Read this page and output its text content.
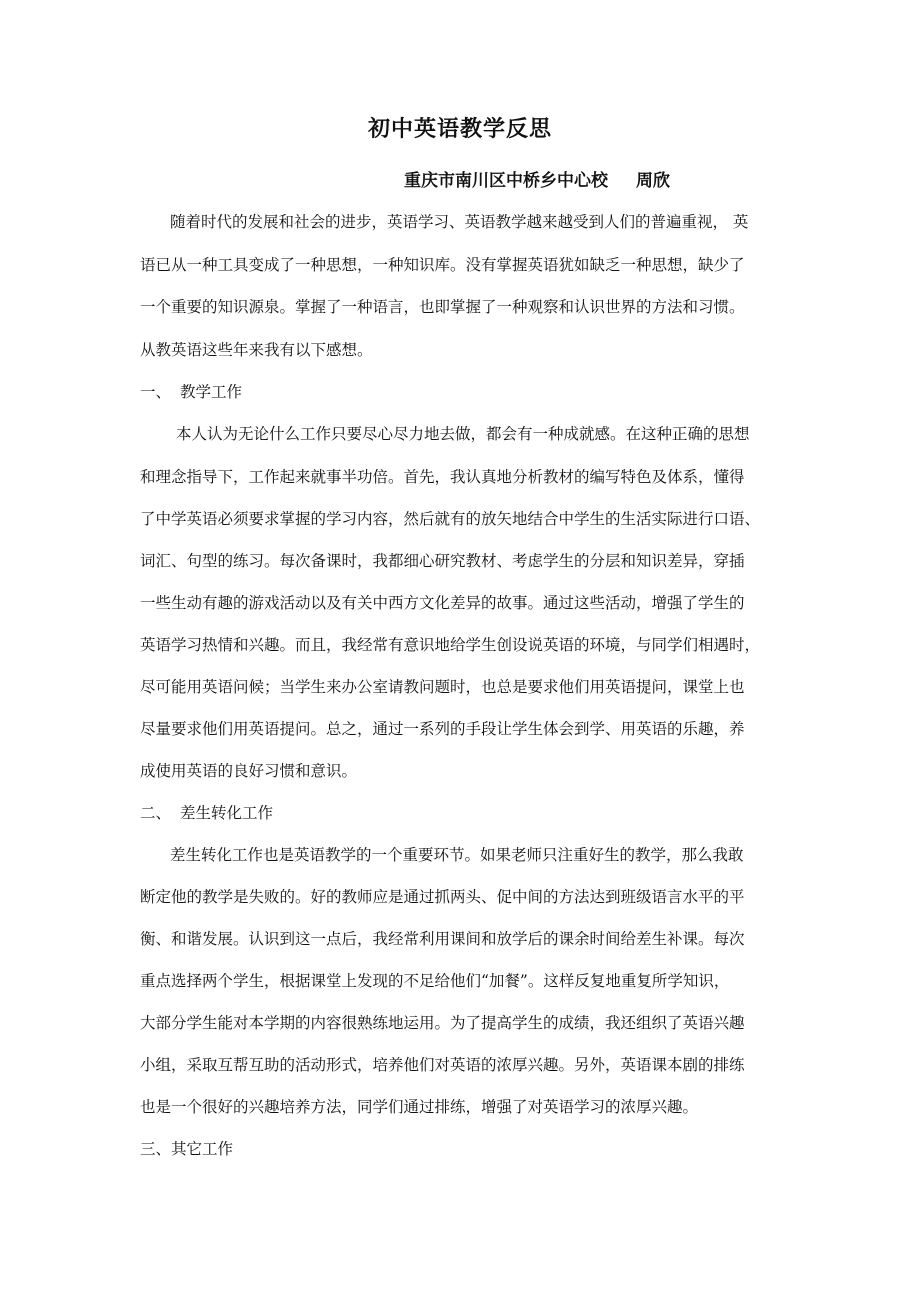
初中英语教学反思
重庆市南川区中桥乡中心校 周欣
随着时代的发展和社会的进步，英语学习、英语教学越来越受到人们的普遍重视， 英
语已从一种工具变成了一种思想，一种知识库。没有掌握英语犹如缺乏一种思想，缺少了
一个重要的知识源泉。掌握了一种语言，也即掌握了一种观察和认识世界的方法和习惯。
从教英语这些年来我有以下感想。
一、 教学工作
本人认为无论什么工作只要尽心尽力地去做，都会有一种成就感。在这种正确的思想
和理念指导下，工作起来就事半功倍。首先，我认真地分析教材的编写特色及体系，懂得
了中学英语必须要求掌握的学习内容，然后就有的放矢地结合中学生的生活实际进行口语、
词汇、句型的练习。每次备课时，我都细心研究教材、考虑学生的分层和知识差异，穿插
一些生动有趣的游戏活动以及有关中西方文化差异的故事。通过这些活动，增强了学生的
英语学习热情和兴趣。而且，我经常有意识地给学生创设说英语的环境，与同学们相遇时，
尽可能用英语问候；当学生来办公室请教问题时，也总是要求他们用英语提问，课堂上也
尽量要求他们用英语提问。总之，通过一系列的手段让学生体会到学、用英语的乐趣，养
成使用英语的良好习惯和意识。
二、 差生转化工作
差生转化工作也是英语教学的一个重要环节。如果老师只注重好生的教学，那么我敢
断定他的教学是失败的。好的教师应是通过抓两头、促中间的方法达到班级语言水平的平
衡、和谐发展。认识到这一点后，我经常利用课间和放学后的课余时间给差生补课。每次
重点选择两个学生，根据课堂上发现的不足给他们“加餐”。这样反复地重复所学知识，
大部分学生能对本学期的内容很熟练地运用。为了提高学生的成绩，我还组织了英语兴趣
小组，采取互帮互助的活动形式，培养他们对英语的浓厚兴趣。另外，英语课本剧的排练
也是一个很好的兴趣培养方法，同学们通过排练，增强了对英语学习的浓厚兴趣。
三、其它工作
